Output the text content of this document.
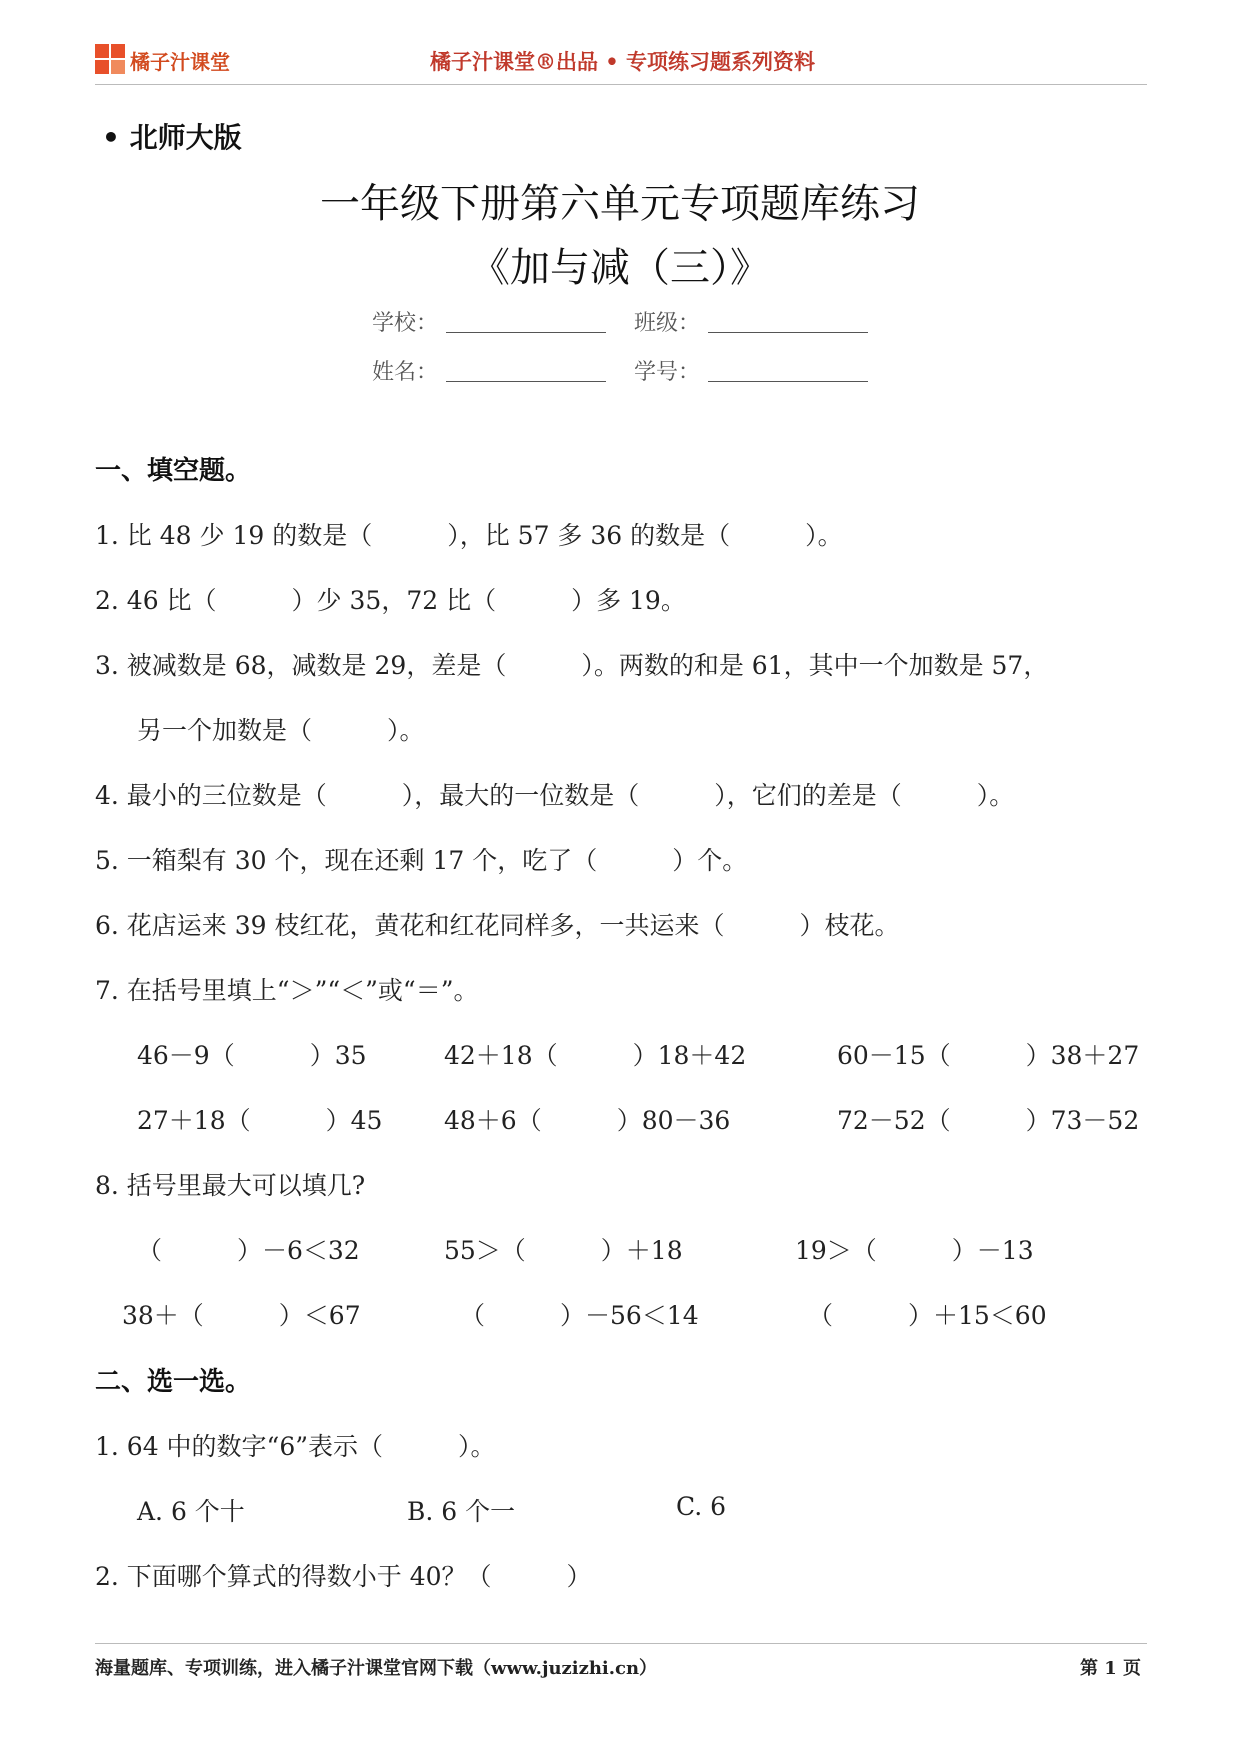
橘子汁课堂	橘子汁课堂®出品 • 专项练习题系列资料
• 北师大版
一年级下册第六单元专项题库练习
《加与减（三）》
学校：	班级：
姓名：	学号：
一、填空题。
1. 比 48 少 19 的数是（　　　），比 57 多 36 的数是（　　　）。
2. 46 比（　　　）少 35，72 比（　　　）多 19。
3. 被减数是 68，减数是 29，差是（　　　）。两数的和是 61，其中一个加数是 57，
另一个加数是（　　　）。
4. 最小的三位数是（　　　），最大的一位数是（　　　），它们的差是（　　　）。
5. 一箱梨有 30 个，现在还剩 17 个，吃了（　　　）个。
6. 花店运来 39 枝红花，黄花和红花同样多，一共运来（　　　）枝花。
7. 在括号里填上“＞”“＜”或“＝”。
46－9（　　　）35	42＋18（　　　）18＋42	60－15（　　　）38＋27
27＋18（　　　）45 48＋6（　　　）80－36	72－52（　　　）73－52
8. 括号里最大可以填几?
（　　　）－6＜32	55＞（　　　）＋18	19＞（　　　）－13
38＋（　　　）＜67	（　　　）－56＜14	（　　　）＋15＜60
二、选一选。
1. 64 中的数字“6”表示（　　　）。
A. 6 个十	B. 6 个一	C. 6
2. 下面哪个算式的得数小于 40？（　　　）
海量题库、专项训练，进入橘子汁课堂官网下载（www.juzizhi.cn）	第 1 页
